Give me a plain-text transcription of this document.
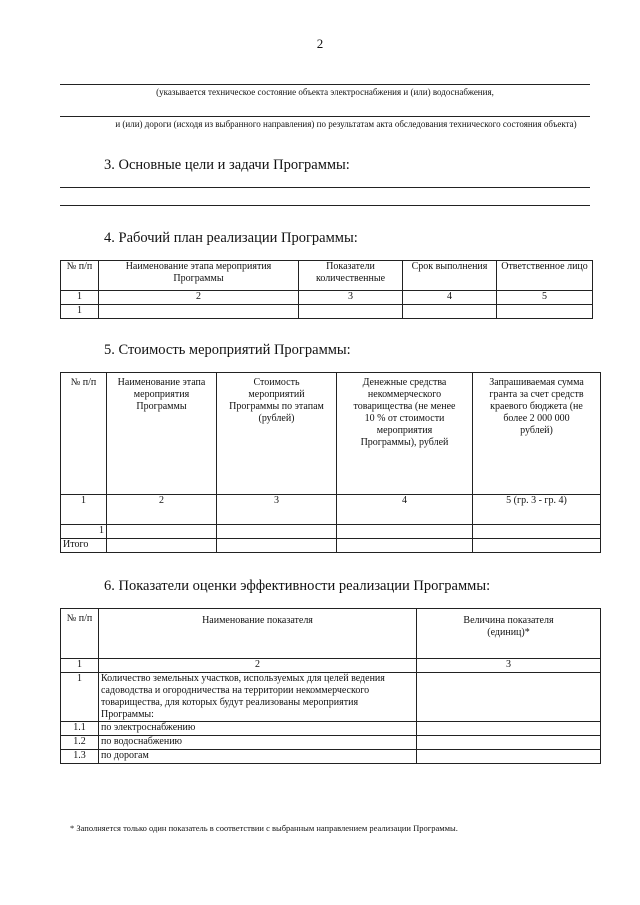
2
(указывается техническое состояние объекта электроснабжения и (или) водоснабжения,
и (или) дороги (исходя из выбранного направления) по результатам акта обследования технического состояния объекта)
3. Основные цели и задачи Программы:
4. Рабочий план реализации Программы:
№ п/п	Наименование этапа мероприятия Программы	Показатели количественные	Срок выполнения	Ответственное лицо
1	2	3	4	5
1				
5. Стоимость мероприятий Программы:
№ п/п	Наименование этапа мероприятия Программы	Стоимость мероприятий Программы по этапам (рублей)	Денежные средства некоммерческого товарищества (не менее 10 % от стоимости мероприятия Программы), рублей	Запрашиваемая сумма гранта за счет средств краевого бюджета (не более 2 000 000 рублей)
1	2	3	4	5 (гр. 3 - гр. 4)
1				
Итого				
6. Показатели оценки эффективности реализации Программы:
№ п/п	Наименование показателя	Величина показателя (единиц)*
1	2	3
1	Количество земельных участков, используемых для целей ведения садоводства и огородничества на территории некоммерческого товарищества, для которых будут реализованы мероприятия Программы:	
1.1	по электроснабжению	
1.2	по водоснабжению	
1.3	по дорогам	
* Заполняется только один показатель в соответствии с выбранным направлением реализации Программы.
